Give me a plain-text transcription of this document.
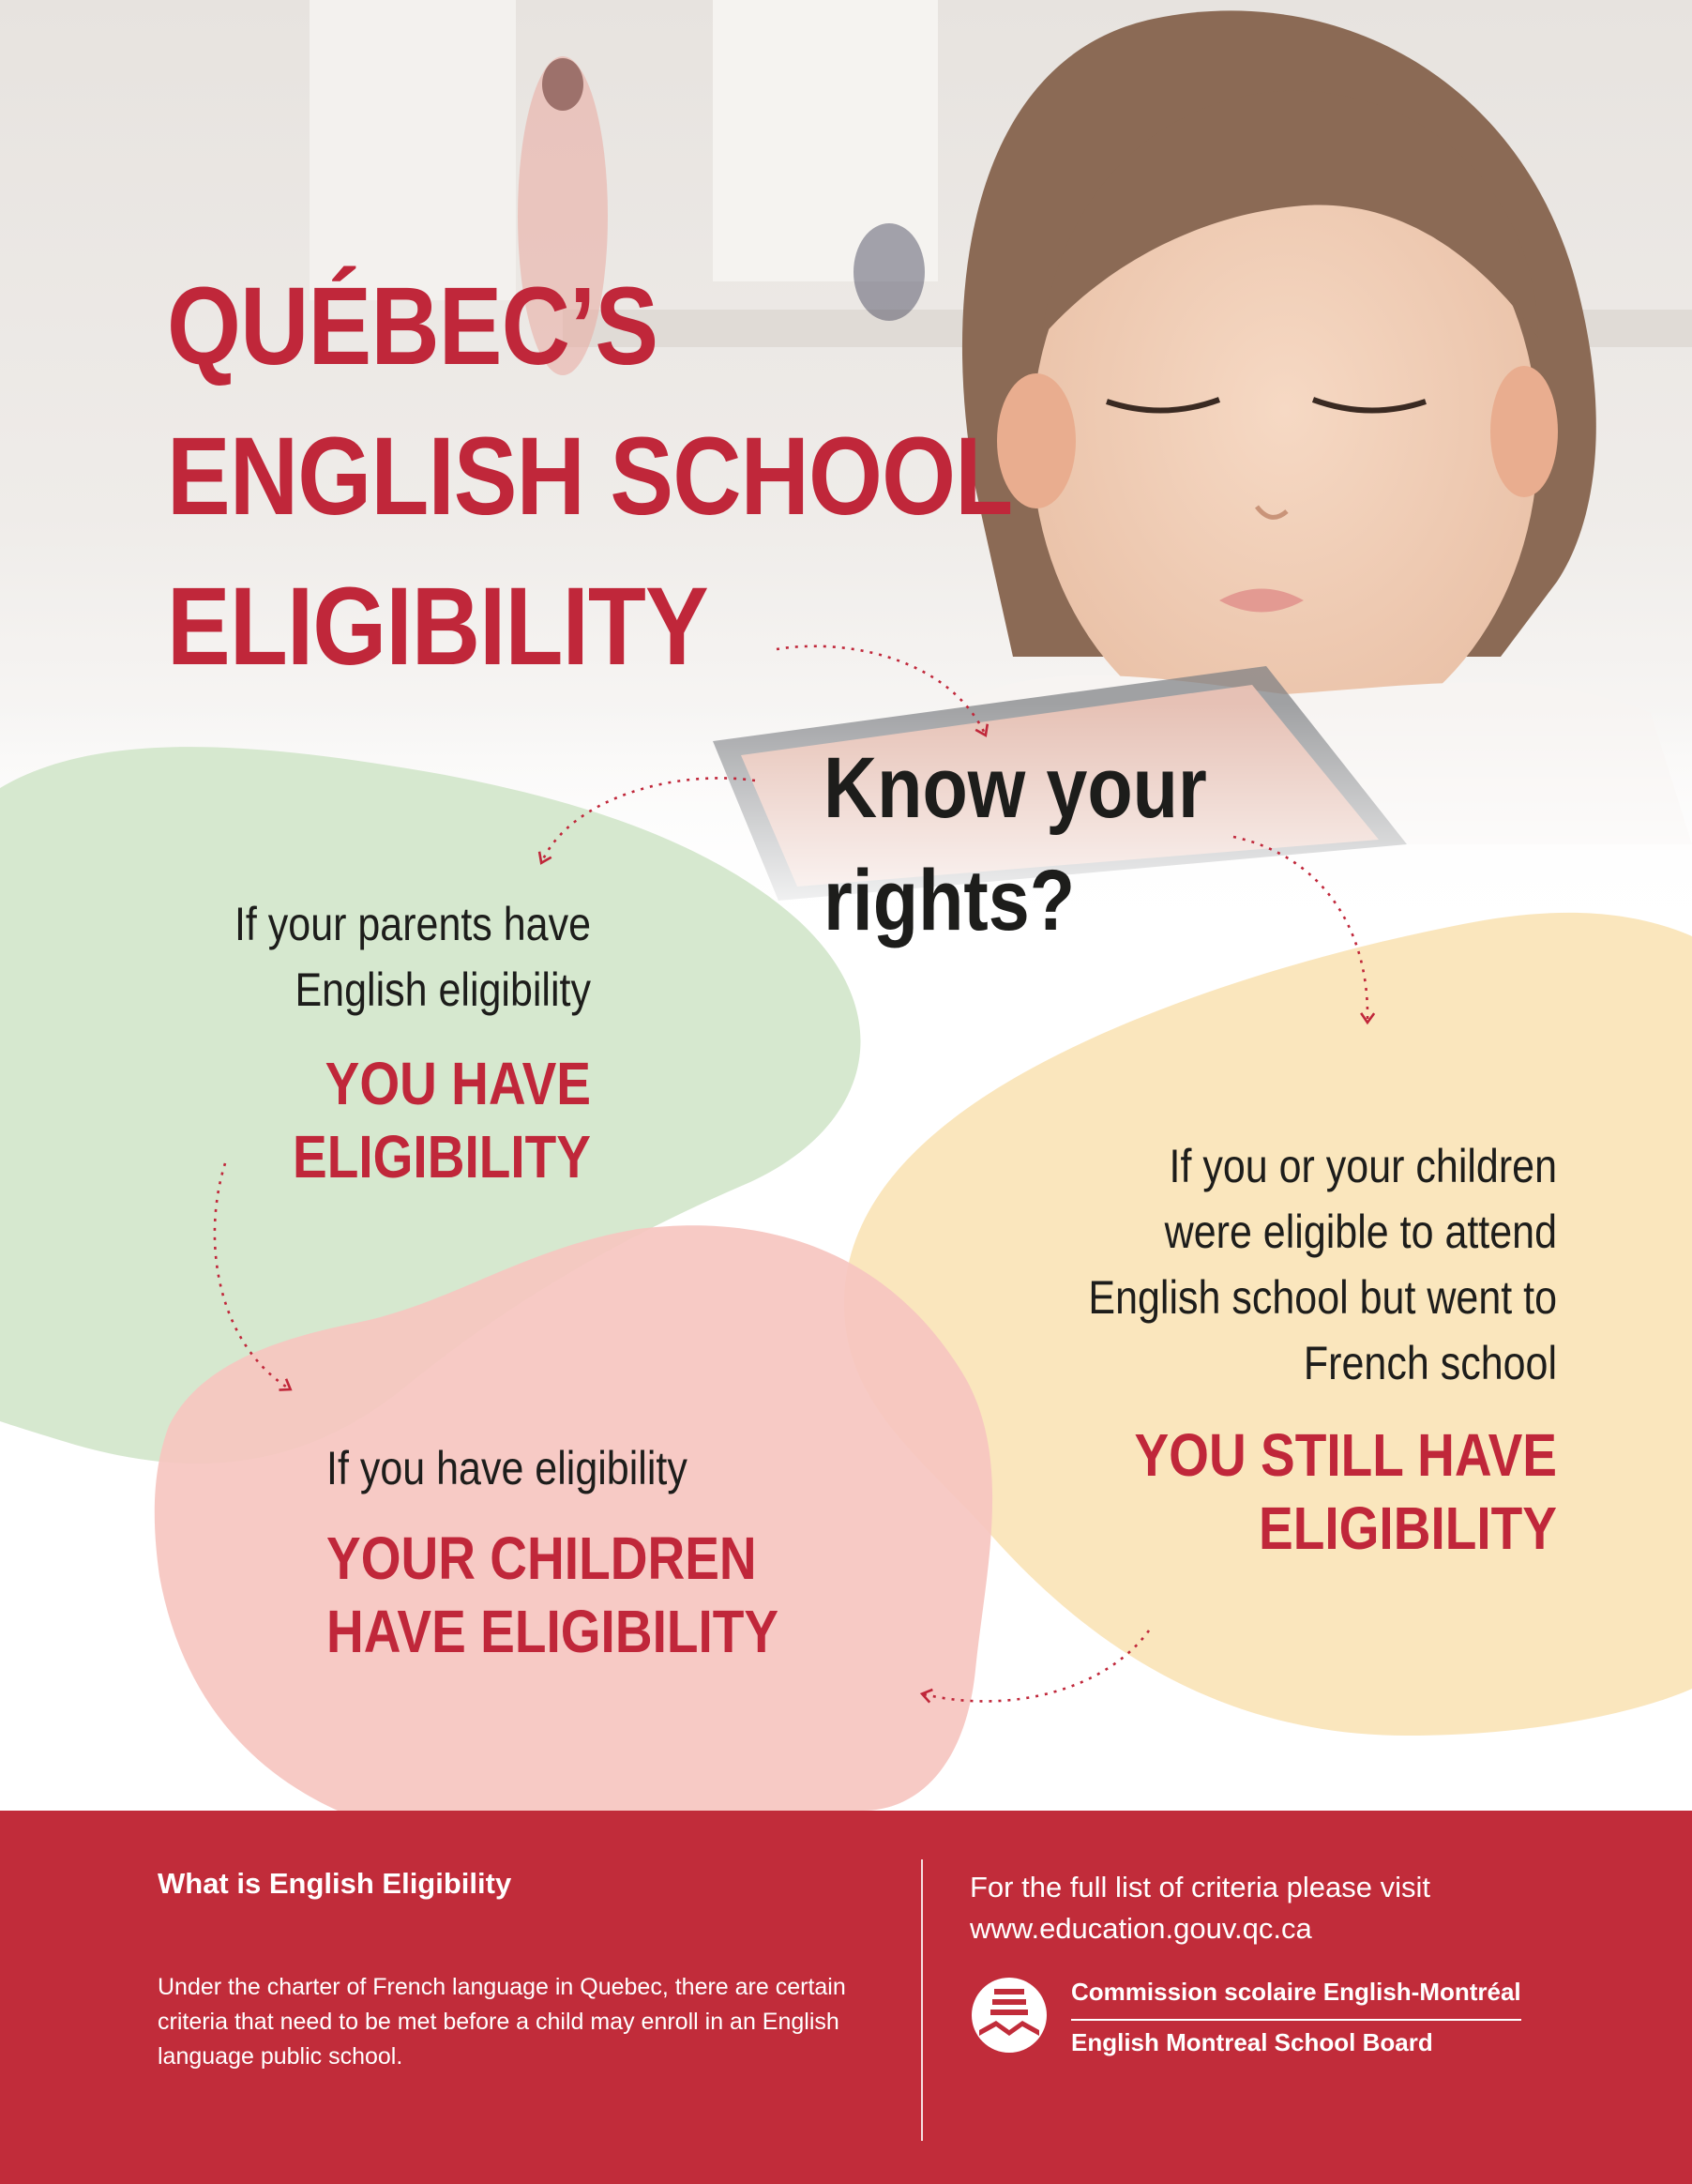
QUÉBEC’S
ENGLISH SCHOOL
ELIGIBILITY
Know your
rights?
If your parents have
English eligibility
YOU HAVE
ELIGIBILITY	If you or your children
were eligible to attend
English school but went to
French school
YOU STILL HAVE
ELIGIBILITY
If you have eligibility
YOUR CHILDREN
HAVE ELIGIBILITY
What is English Eligibility
Under the charter of French language in Quebec, there are certain criteria that need to be met before a child may enroll in an English language public school.
For the full list of criteria please visit
www.education.gouv.qc.ca
Commission scolaire English-Montréal
English Montreal School Board
